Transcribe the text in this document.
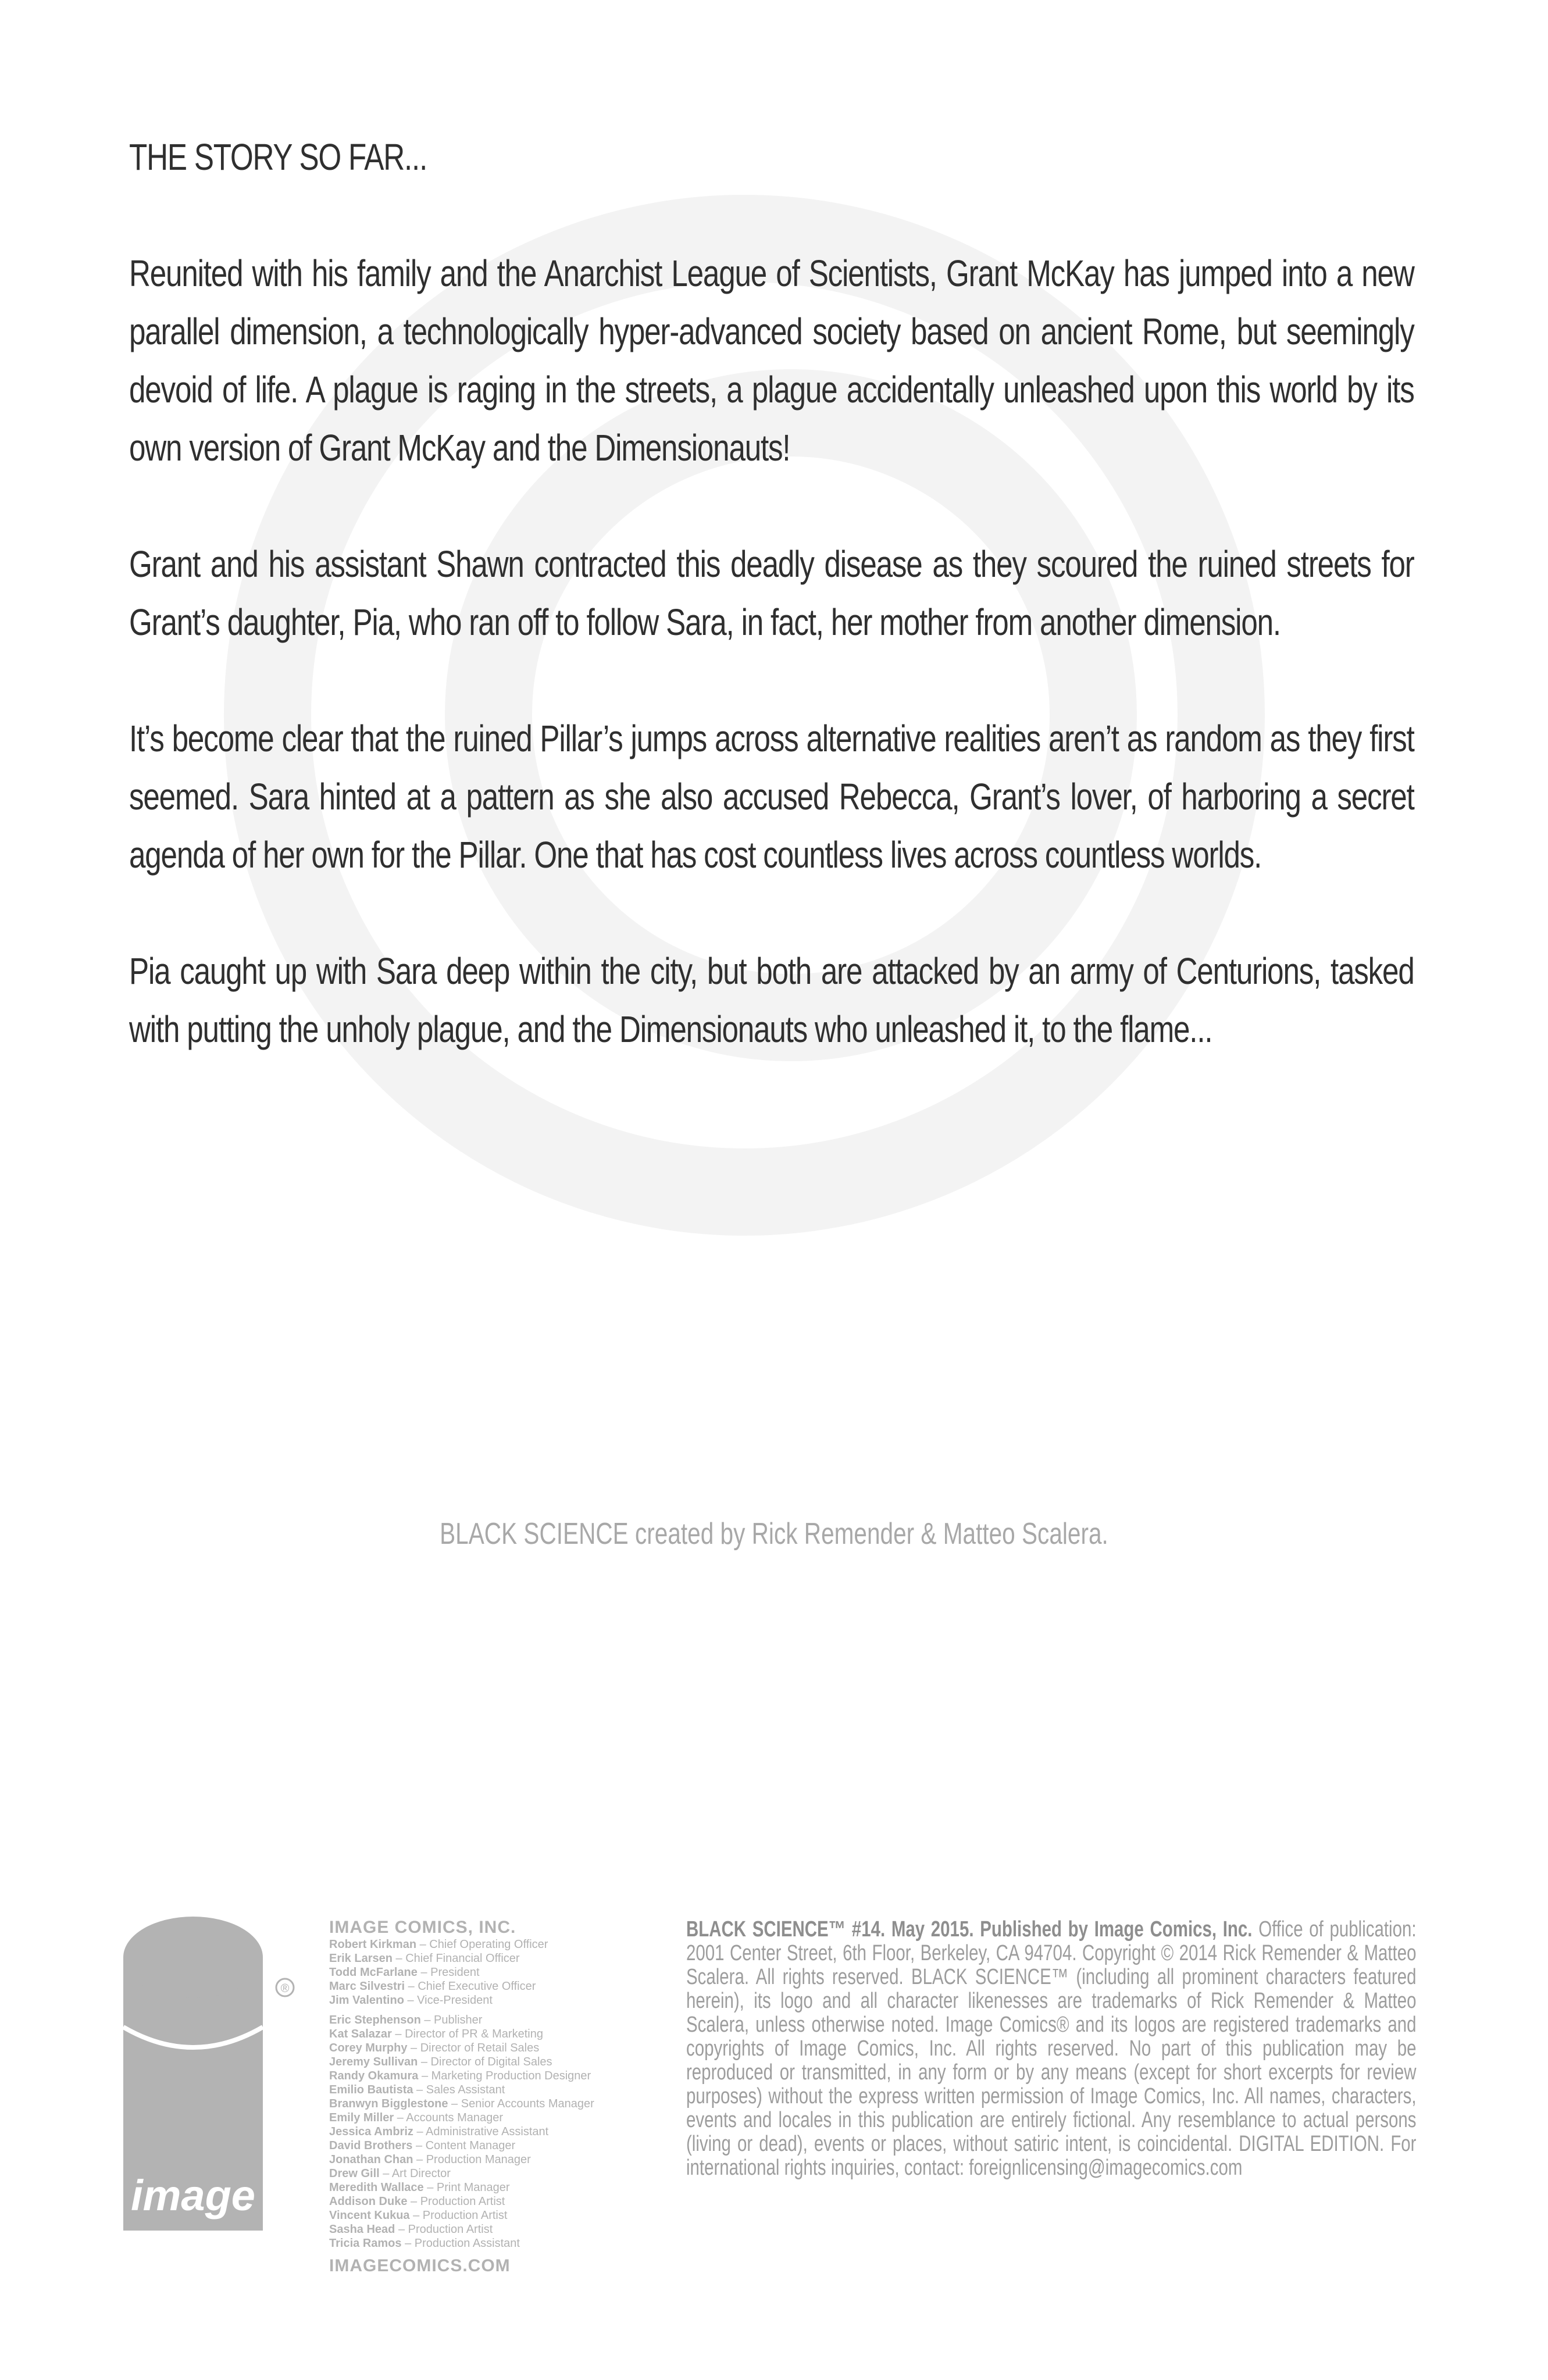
THE STORY SO FAR...

Reunited with his family and the Anarchist League of Scientists, Grant McKay has jumped into a new parallel dimension, a technologically hyper-advanced society based on ancient Rome, but seemingly devoid of life. A plague is raging in the streets, a plague accidentally unleashed upon this world by its own version of Grant McKay and the Dimensionauts!

Grant and his assistant Shawn contracted this deadly disease as they scoured the ruined streets for Grant’s daughter, Pia, who ran off to follow Sara, in fact, her mother from another dimension.

It’s become clear that the ruined Pillar’s jumps across alternative realities aren’t as random as they first seemed. Sara hinted at a pattern as she also accused Rebecca, Grant’s lover, of harboring a secret agenda of her own for the Pillar. One that has cost countless lives across countless worlds.

Pia caught up with Sara deep within the city, but both are attacked by an army of Centurions, tasked with putting the unholy plague, and the Dimensionauts who unleashed it, to the flame...

BLACK SCIENCE created by Rick Remender & Matteo Scalera.
image
®
IMAGE COMICS, INC.
Robert Kirkman – Chief Operating Officer
Erik Larsen – Chief Financial Officer
Todd McFarlane – President
Marc Silvestri – Chief Executive Officer
Jim Valentino – Vice-President
Eric Stephenson – Publisher
Kat Salazar – Director of PR & Marketing
Corey Murphy – Director of Retail Sales
Jeremy Sullivan – Director of Digital Sales
Randy Okamura – Marketing Production Designer
Emilio Bautista – Sales Assistant
Branwyn Bigglestone – Senior Accounts Manager
Emily Miller – Accounts Manager
Jessica Ambriz – Administrative Assistant
David Brothers – Content Manager
Jonathan Chan – Production Manager
Drew Gill – Art Director
Meredith Wallace – Print Manager
Addison Duke – Production Artist
Vincent Kukua – Production Artist
Sasha Head – Production Artist
Tricia Ramos – Production Assistant
IMAGECOMICS.COM
BLACK SCIENCE™ #14. May 2015. Published by Image Comics, Inc. Office of publication: 2001 Center Street, 6th Floor, Berkeley, CA 94704. Copyright © 2014 Rick Remender & Matteo Scalera. All rights reserved. BLACK SCIENCE™ (including all prominent characters featured herein), its logo and all character likenesses are trademarks of Rick Remender & Matteo Scalera, unless otherwise noted. Image Comics® and its logos are registered trademarks and copyrights of Image Comics, Inc. All rights reserved. No part of this publication may be reproduced or transmitted, in any form or by any means (except for short excerpts for review purposes) without the express written permission of Image Comics, Inc. All names, characters, events and locales in this publication are entirely fictional. Any resemblance to actual persons (living or dead), events or places, without satiric intent, is coincidental. DIGITAL EDITION. For international rights inquiries, contact: foreignlicensing@imagecomics.com
